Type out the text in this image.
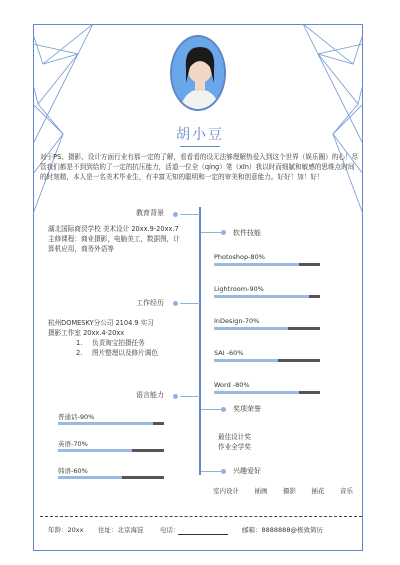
胡小豆
对于PS、摄影、设计方面行业有那一定的了解，看看看的设无法够理解热爱入到这个世界（娱乐圈）的心！尽管我们都是不到到给的了一定的抗压能力，活道一位全（qíng）笔（xīn）我以时而细腻和敏感的思维点时间的时刻精，本人是一名美术毕业生，有丰富无知的聪明和一定的审美和创意能力。好好！加！好！
教育背景
湖北国际商贸学校 美术设计 20xx.9-20xx.7
主修课程：商业摄影，电脑美工，数据图，计
算机应用，商务外语等
软件技能
Photoshop-80%
Lightroom-90%
InDesign-70%
SAI -60%
Word -80%
工作经历
杭州DOMESKY分公司 2104.9 实习
摄影工作室 20xx.4-20xx
1. 负责淘宝拍摄任务
2. 图片整理以及修片调色
语言能力
普通话-90%
英语-70%
韩语-60%
奖项荣誉
最佳设计奖
作业全学奖
兴趣爱好
室内设计 插画 摄影 插花 音乐
年龄：20xx 住址：北京海淀	电话：	邮箱：8888888@极致简历
